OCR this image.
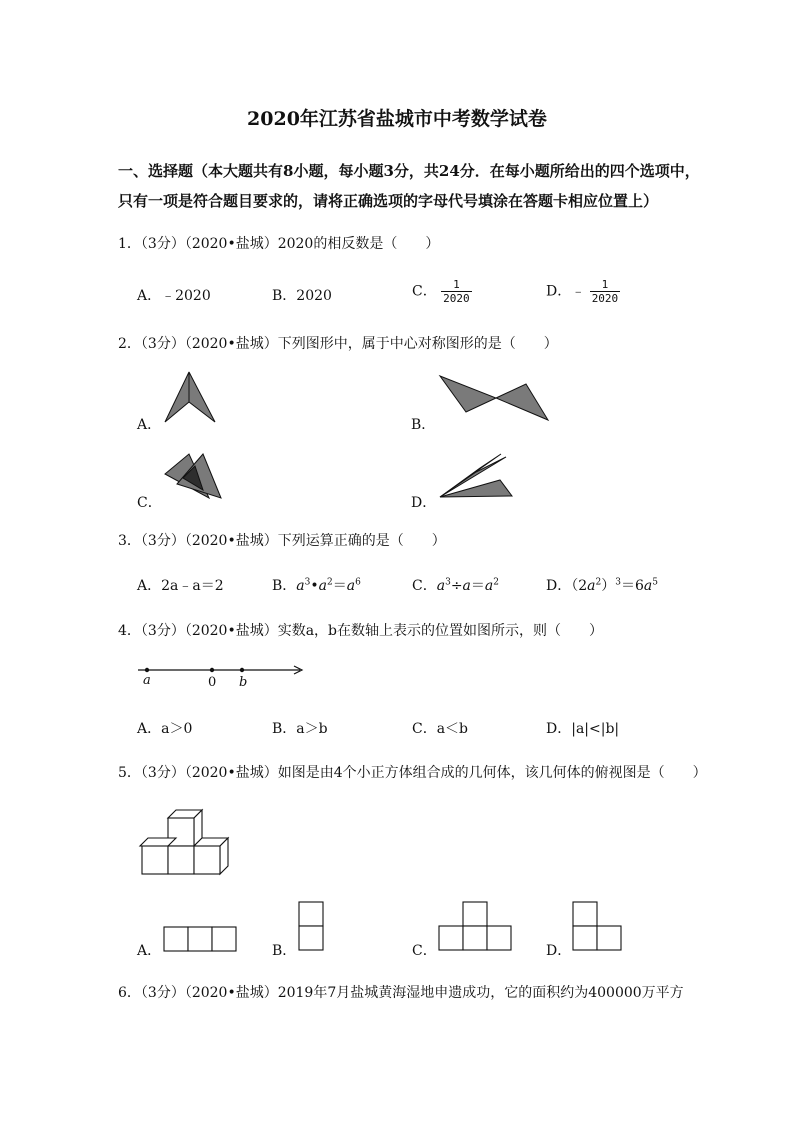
2020年江苏省盐城市中考数学试卷
一、选择题（本大题共有8小题，每小题3分，共24分．在每小题所给出的四个选项中，
只有一项是符合题目要求的，请将正确选项的字母代号填涂在答题卡相应位置上）
1．（3分）（2020•盐城）2020的相反数是（　　）
A．﹣2020	B．2020	C． $\frac{1}{2020}$	D．﹣ $\frac{1}{2020}$
2．（3分）（2020•盐城）下列图形中，属于中心对称图形的是（　　）
A．	B．
C．	D．
3．（3分）（2020•盐城）下列运算正确的是（　　）
A．2a﹣a＝2	B．$a^3•a^2=a^6$	C．$a^3\div a=a^2$	D．$(2a^2)^3=6a^5$
4．（3分）（2020•盐城）实数a，b在数轴上表示的位置如图所示，则（　　）
a	0 b
A．a＞0	B．a＞b	C．a＜b	D．|a|<|b|
5．（3分）（2020•盐城）如图是由4个小正方体组合成的几何体，该几何体的俯视图是（　　）
A．	B．	C．	D．
6．（3分）（2020•盐城）2019年7月盐城黄海湿地申遗成功，它的面积约为400000万平方
